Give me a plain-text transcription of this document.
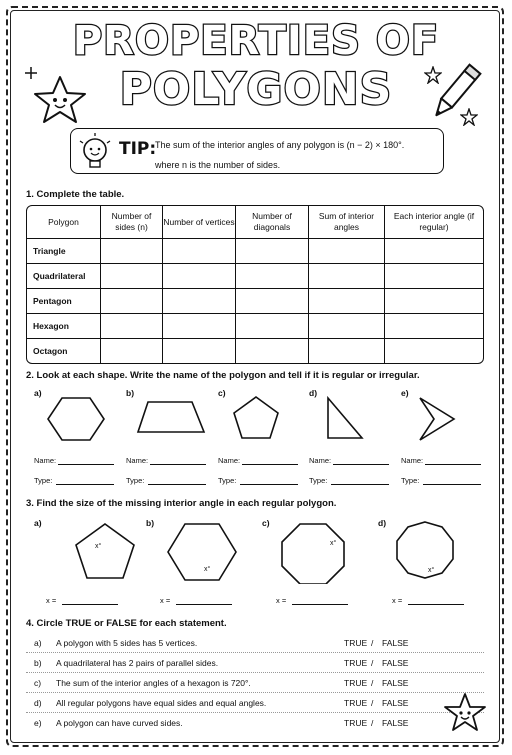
PROPERTIES OF
POLYGONS
TIP:
The sum of the interior angles of any polygon is (n − 2) × 180°.
where n is the number of sides.
1. Complete the table.
Polygon	Number of sides (n)	Number of vertices	Number of diagonals	Sum of interior angles	Each interior angle (if regular)
Triangle					
Quadrilateral					
Pentagon					
Hexagon					
Octagon					
2. Look at each shape. Write the name of the polygon and tell if it is regular or irregular.
a)	b)	c)	d)	e)
Name:	Name:	Name:	Name:	Name:
Type:	Type:	Type:	Type:	Type:
3. Find the size of the missing interior angle in each regular polygon.
a)	b)	c)	d)
x°
x°
x°
x°
x =	x =	x =	x =
4. Circle TRUE or FALSE for each statement.
a) A polygon with 5 sides has 5 vertices.	TRUE / FALSE
b) A quadrilateral has 2 pairs of parallel sides.	TRUE / FALSE
c) The sum of the interior angles of a hexagon is 720°.	TRUE / FALSE
d) All regular polygons have equal sides and equal angles.	TRUE / FALSE
e) A polygon can have curved sides.	TRUE / FALSE
